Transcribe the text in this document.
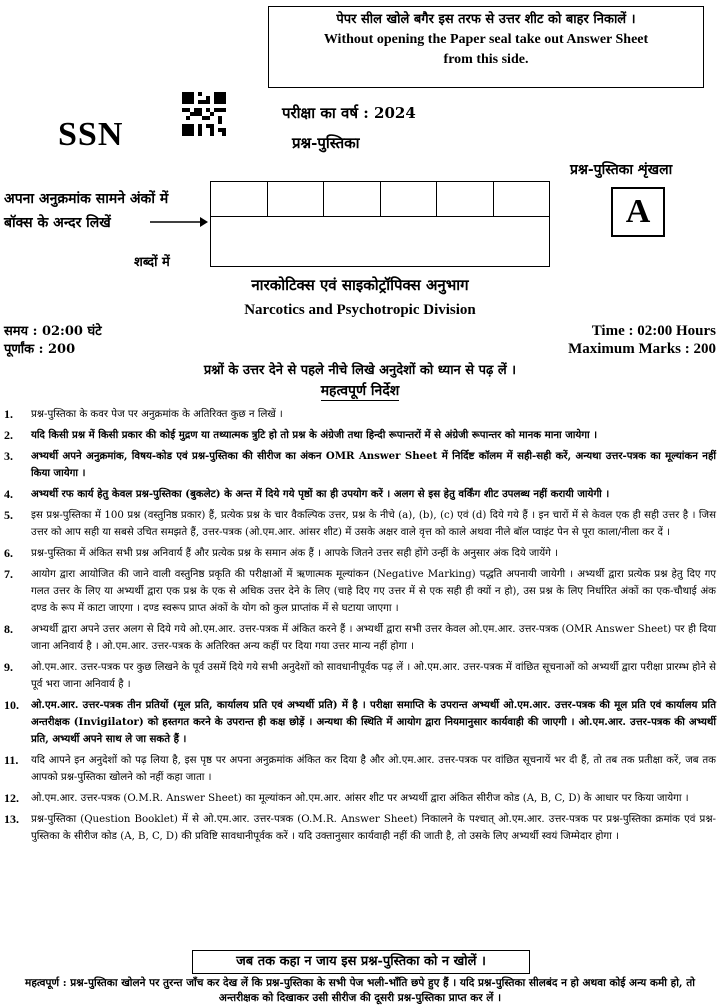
पेपर सील खोले बगैर इस तरफ से उत्तर शीट को बाहर निकालें ।
Without opening the Paper seal take out Answer Sheet
from this side.
SSN
परीक्षा का वर्ष : 2024
प्रश्न-पुस्तिका
प्रश्न-पुस्तिका शृंखला
A
अपना अनुक्रमांक सामने अंकों में
बॉक्स के अन्दर लिखें
शब्दों में
नारकोटिक्स एवं साइकोट्रॉपिक्स अनुभाग
Narcotics and Psychotropic Division
समय : 02:00 घंटे
पूर्णांक : 200
Time : 02:00 Hours
Maximum Marks : 200
प्रश्नों के उत्तर देने से पहले नीचे लिखे अनुदेशों को ध्यान से पढ़ लें ।
महत्वपूर्ण निर्देश
1.	प्रश्न-पुस्तिका के कवर पेज पर अनुक्रमांक के अतिरिक्त कुछ न लिखें ।
2.	यदि किसी प्रश्न में किसी प्रकार की कोई मुद्रण या तथ्यात्मक त्रुटि हो तो प्रश्न के अंग्रेजी तथा हिन्दी रूपान्तरों में से अंग्रेजी रूपान्तर को मानक माना जायेगा ।
3.	अभ्यर्थी अपने अनुक्रमांक, विषय-कोड एवं प्रश्न-पुस्तिका की सीरीज का अंकन OMR Answer Sheet में निर्दिष्ट कॉलम में सही-सही करें, अन्यथा उत्तर-पत्रक का मूल्यांकन नहीं किया जायेगा ।
4.	अभ्यर्थी रफ कार्य हेतु केवल प्रश्न-पुस्तिका (बुकलेट) के अन्त में दिये गये पृष्ठों का ही उपयोग करें । अलग से इस हेतु वर्किंग शीट उपलब्ध नहीं करायी जायेगी ।
5.	इस प्रश्न-पुस्तिका में 100 प्रश्न (वस्तुनिष्ठ प्रकार) हैं, प्रत्येक प्रश्न के चार वैकल्पिक उत्तर, प्रश्न के नीचे (a), (b), (c) एवं (d) दिये गये हैं । इन चारों में से केवल एक ही सही उत्तर है । जिस उत्तर को आप सही या सबसे उचित समझते हैं, उत्तर-पत्रक (ओ.एम.आर. आंसर शीट) में उसके अक्षर वाले वृत्त को काले अथवा नीले बॉल प्वाइंट पेन से पूरा काला/नीला कर दें ।
6.	प्रश्न-पुस्तिका में अंकित सभी प्रश्न अनिवार्य हैं और प्रत्येक प्रश्न के समान अंक हैं । आपके जितने उत्तर सही होंगे उन्हीं के अनुसार अंक दिये जायेंगे ।
7.	आयोग द्वारा आयोजित की जाने वाली वस्तुनिष्ठ प्रकृति की परीक्षाओं में ऋणात्मक मूल्यांकन (Negative Marking) पद्धति अपनायी जायेगी । अभ्यर्थी द्वारा प्रत्येक प्रश्न हेतु दिए गए गलत उत्तर के लिए या अभ्यर्थी द्वारा एक प्रश्न के एक से अधिक उत्तर देने के लिए (चाहे दिए गए उत्तर में से एक सही ही क्यों न हो), उस प्रश्न के लिए निर्धारित अंकों का एक-चौथाई अंक दण्ड के रूप में काटा जाएगा । दण्ड स्वरूप प्राप्त अंकों के योग को कुल प्राप्तांक में से घटाया जाएगा ।
8.	अभ्यर्थी द्वारा अपने उत्तर अलग से दिये गये ओ.एम.आर. उत्तर-पत्रक में अंकित करने हैं । अभ्यर्थी द्वारा सभी उत्तर केवल ओ.एम.आर. उत्तर-पत्रक (OMR Answer Sheet) पर ही दिया जाना अनिवार्य है । ओ.एम.आर. उत्तर-पत्रक के अतिरिक्त अन्य कहीं पर दिया गया उत्तर मान्य नहीं होगा ।
9.	ओ.एम.आर. उत्तर-पत्रक पर कुछ लिखने के पूर्व उसमें दिये गये सभी अनुदेशों को सावधानीपूर्वक पढ़ लें । ओ.एम.आर. उत्तर-पत्रक में वांछित सूचनाओं को अभ्यर्थी द्वारा परीक्षा प्रारम्भ होने से पूर्व भरा जाना अनिवार्य है ।
10.	ओ.एम.आर. उत्तर-पत्रक तीन प्रतियों (मूल प्रति, कार्यालय प्रति एवं अभ्यर्थी प्रति) में है । परीक्षा समाप्ति के उपरान्त अभ्यर्थी ओ.एम.आर. उत्तर-पत्रक की मूल प्रति एवं कार्यालय प्रति अन्तरीक्षक (Invigilator) को हस्तगत करने के उपरान्त ही कक्ष छोड़ें । अन्यथा की स्थिति में आयोग द्वारा नियमानुसार कार्यवाही की जाएगी । ओ.एम.आर. उत्तर-पत्रक की अभ्यर्थी प्रति, अभ्यर्थी अपने साथ ले जा सकते हैं ।
11.	यदि आपने इन अनुदेशों को पढ़ लिया है, इस पृष्ठ पर अपना अनुक्रमांक अंकित कर दिया है और ओ.एम.आर. उत्तर-पत्रक पर वांछित सूचनायें भर दी हैं, तो तब तक प्रतीक्षा करें, जब तक आपको प्रश्न-पुस्तिका खोलने को नहीं कहा जाता ।
12.	ओ.एम.आर. उत्तर-पत्रक (O.M.R. Answer Sheet) का मूल्यांकन ओ.एम.आर. आंसर शीट पर अभ्यर्थी द्वारा अंकित सीरीज कोड (A, B, C, D) के आधार पर किया जायेगा ।
13.	प्रश्न-पुस्तिका (Question Booklet) में से ओ.एम.आर. उत्तर-पत्रक (O.M.R. Answer Sheet) निकालने के पश्चात् ओ.एम.आर. उत्तर-पत्रक पर प्रश्न-पुस्तिका क्रमांक एवं प्रश्न-पुस्तिका के सीरीज कोड (A, B, C, D) की प्रविष्टि सावधानीपूर्वक करें । यदि उक्तानुसार कार्यवाही नहीं की जाती है, तो उसके लिए अभ्यर्थी स्वयं जिम्मेदार होगा ।
जब तक कहा न जाय इस प्रश्न-पुस्तिका को न खोलें ।
महत्वपूर्ण : प्रश्न-पुस्तिका खोलने पर तुरन्त जाँच कर देख लें कि प्रश्न-पुस्तिका के सभी पेज भली-भाँति छपे हुए हैं । यदि प्रश्न-पुस्तिका सीलबंद न हो अथवा कोई अन्य कमी हो, तो अन्तरीक्षक को दिखाकर उसी सीरीज की दूसरी प्रश्न-पुस्तिका प्राप्त कर लें ।
